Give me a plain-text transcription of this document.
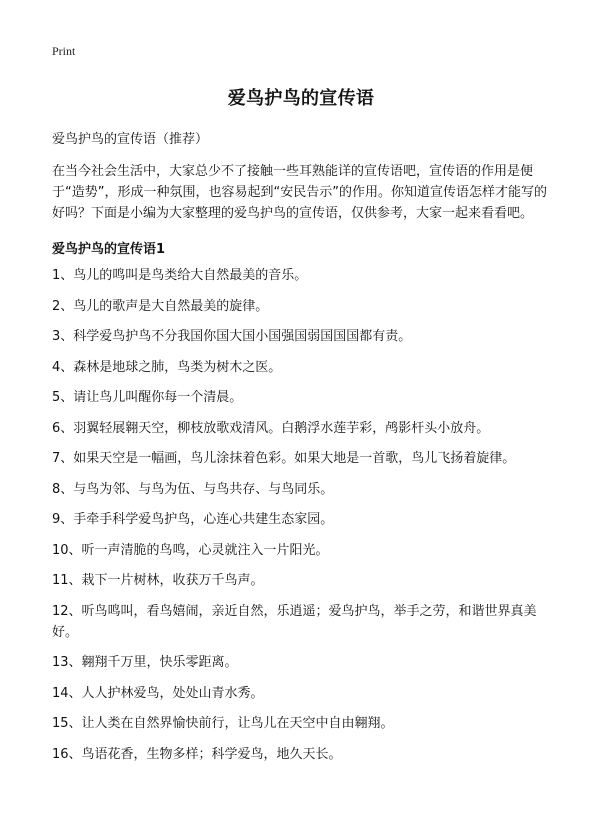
Print
爱鸟护鸟的宣传语

爱鸟护鸟的宣传语（推荐）

在当今社会生活中，大家总少不了接触一些耳熟能详的宣传语吧，宣传语的作用是便于“造势”，形成一种氛围，也容易起到“安民告示”的作用。你知道宣传语怎样才能写的好吗？下面是小编为大家整理的爱鸟护鸟的宣传语，仅供参考，大家一起来看看吧。

爱鸟护鸟的宣传语1

1、鸟儿的鸣叫是鸟类给大自然最美的音乐。
2、鸟儿的歌声是大自然最美的旋律。
3、科学爱鸟护鸟不分我国你国大国小国强国弱国国国都有责。
4、森林是地球之肺，鸟类为树木之医。
5、请让鸟儿叫醒你每一个清晨。
6、羽翼轻展翱天空，柳枝放歌戏清风。白鹅浮水莲芋彩，鸬影杆头小放舟。
7、如果天空是一幅画，鸟儿涂抹着色彩。如果大地是一首歌，鸟儿飞扬着旋律。
8、与鸟为邻、与鸟为伍、与鸟共存、与鸟同乐。
9、手牵手科学爱鸟护鸟，心连心共建生态家园。
10、听一声清脆的鸟鸣，心灵就注入一片阳光。
11、栽下一片树林，收获万千鸟声。
12、听鸟鸣叫，看鸟嬉闹，亲近自然，乐逍遥；爱鸟护鸟，举手之劳，和谐世界真美好。
13、翱翔千万里，快乐零距离。
14、人人护林爱鸟，处处山青水秀。
15、让人类在自然界愉快前行，让鸟儿在天空中自由翱翔。
16、鸟语花香，生物多样；科学爱鸟，地久天长。
